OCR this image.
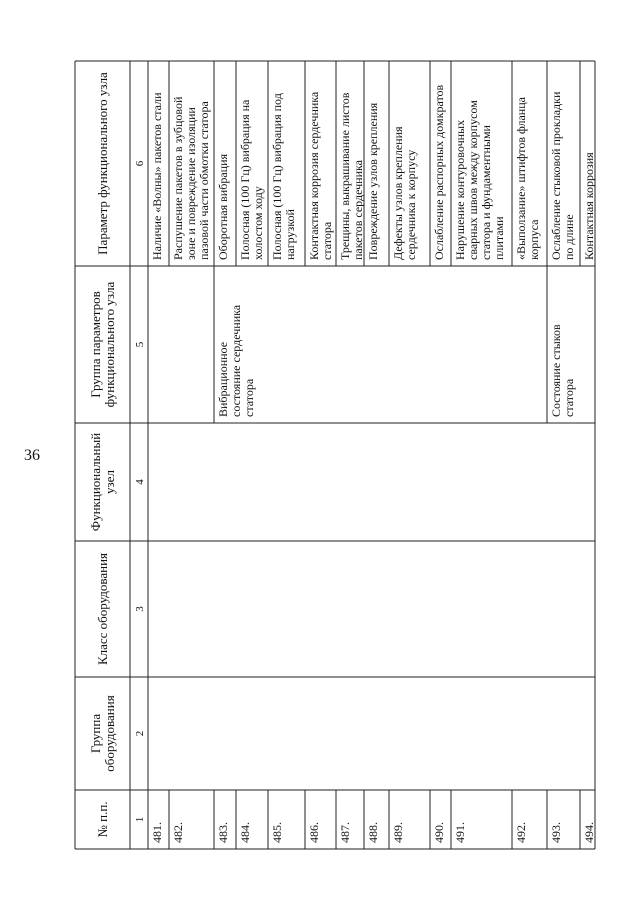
36
№ п.п.
Группа оборудования
Класс оборудования
Функциональный узел
Группа параметров функционального узла
Параметр функционального узла
1
2
3
4
5
6
481.
Наличие «Волны» пакетов стали
482.
Распушение пакетов в зубцовой зоне и повреждение изоляции пазовой части обмотки статора
483.
Оборотная вибрация
484.
Полосная (100 Гц) вибрация на холостом ходу
485.
Полосная (100 Гц) вибрация под нагрузкой
486.
Контактная коррозия сердечника статора
487.
Трещины, выкрашивание листов пакетов сердечника
488.
Повреждение узлов крепления
489.
Дефекты узлов крепления сердечника к корпусу
490.
Ослабление распорных домкратов
491.
Нарушение контуровочных сварных швов между корпусом статора и фундаментными плитами
492.
«Выползание» штифтов фланца корпуса
493.
Ослабление стыковой прокладки по длине
494.
Контактная коррозия
Вибрационное состояние сердечника статора	Состояние стыков статора
